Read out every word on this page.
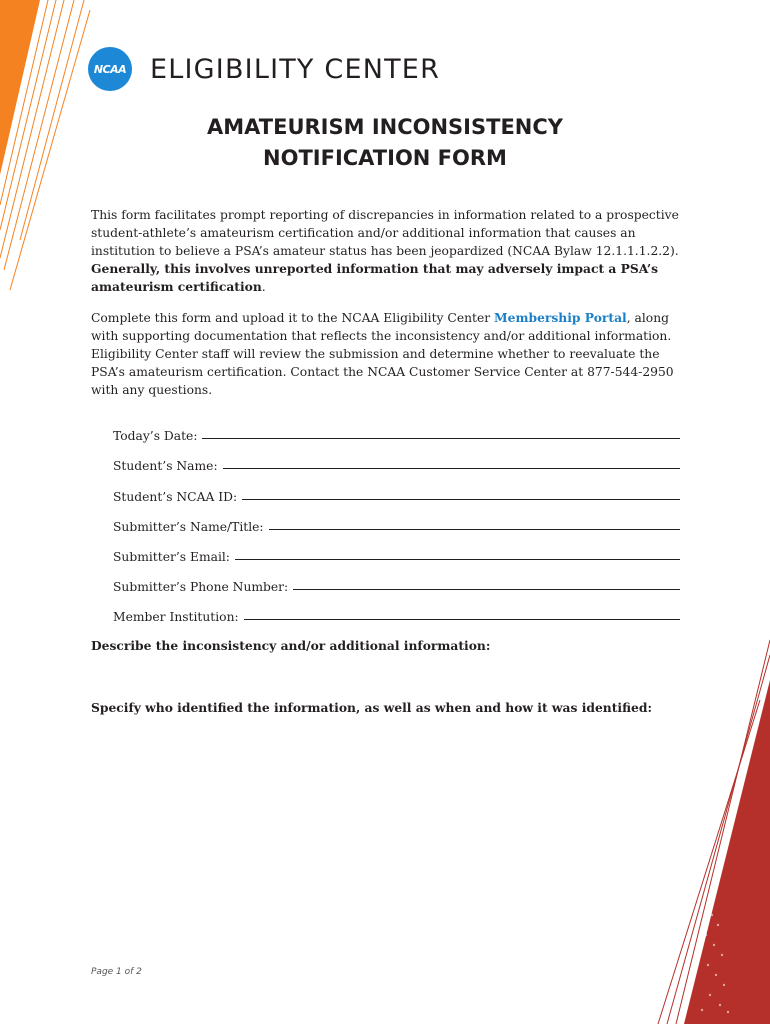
NCAA ELIGIBILITY CENTER
AMATEURISM INCONSISTENCY
NOTIFICATION FORM

This form facilitates prompt reporting of discrepancies in information related to a prospective student-athlete’s amateurism certification and/or additional information that causes an institution to believe a PSA’s amateur status has been jeopardized (NCAA Bylaw 12.1.1.1.2.2). Generally, this involves unreported information that may adversely impact a PSA’s amateurism certification.

Complete this form and upload it to the NCAA Eligibility Center Membership Portal, along with supporting documentation that reflects the inconsistency and/or additional information. Eligibility Center staff will review the submission and determine whether to reevaluate the PSA’s amateurism certification. Contact the NCAA Customer Service Center at 877-544-2950 with any questions.

Today’s Date:
Student’s Name:
Student’s NCAA ID:
Submitter’s Name/Title:
Submitter’s Email:
Submitter’s Phone Number:
Member Institution:
Describe the inconsistency and/or additional information:
Specify who identified the information, as well as when and how it was identified:
Page 1 of 2
